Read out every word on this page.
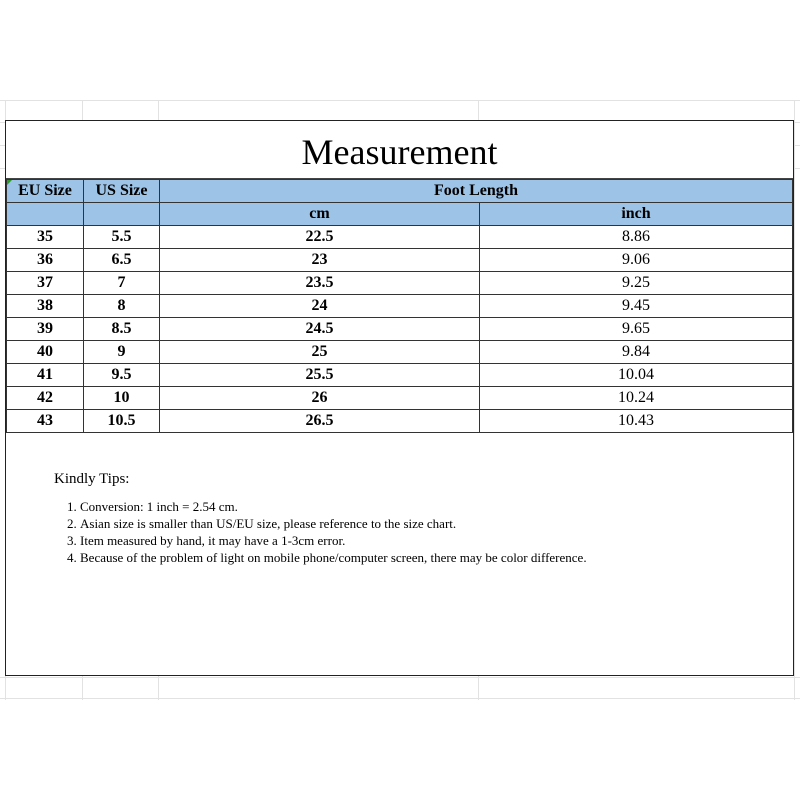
Measurement
EU Size	US Size	Foot Length	
		cm	inch
35	5.5	22.5	8.86
36	6.5	23	9.06
37	7	23.5	9.25
38	8	24	9.45
39	8.5	24.5	9.65
40	9	25	9.84
41	9.5	25.5	10.04
42	10	26	10.24
43	10.5	26.5	10.43
Kindly Tips:
1. Conversion: 1 inch = 2.54 cm.
2. Asian size is smaller than US/EU size, please reference to the size chart.
3. Item measured by hand, it may have a 1-3cm error.
4. Because of the problem of light on mobile phone/computer screen, there may be color difference.
